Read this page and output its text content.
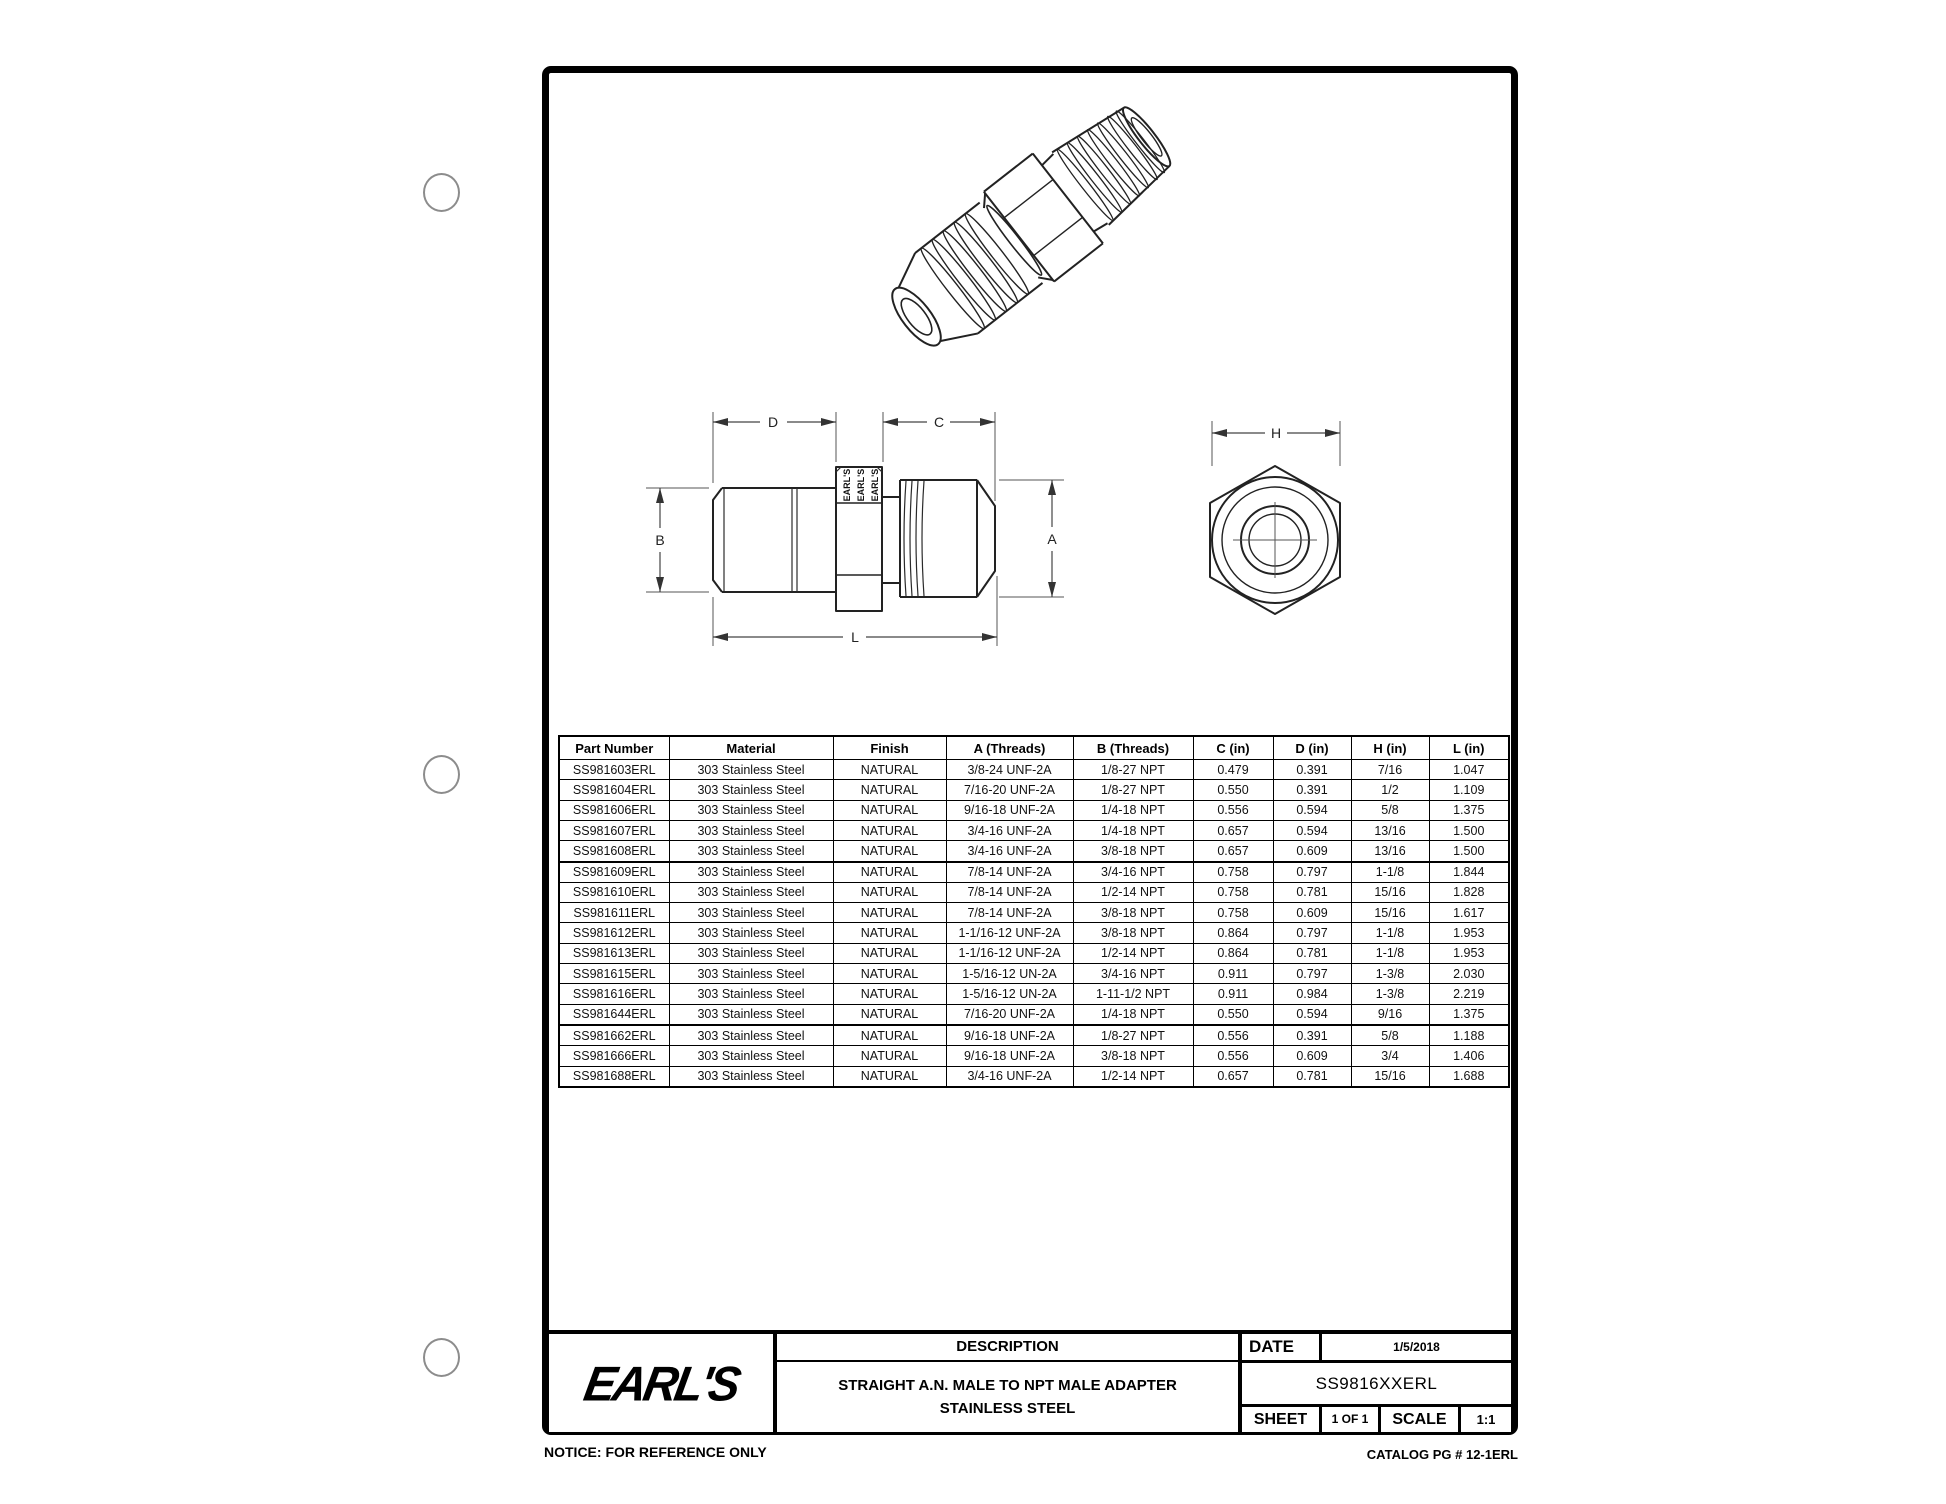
D	C
L
B	A
EARL'S EARL'S EARL'S
H
Part Number	Material	Finish	A (Threads)	B (Threads)	C (in)	D (in)	H (in)	L (in)
SS981603ERL	303 Stainless Steel	NATURAL	3/8-24 UNF-2A	1/8-27 NPT	0.479	0.391	7/16	1.047
SS981604ERL	303 Stainless Steel	NATURAL	7/16-20 UNF-2A	1/8-27 NPT	0.550	0.391	1/2	1.109
SS981606ERL	303 Stainless Steel	NATURAL	9/16-18 UNF-2A	1/4-18 NPT	0.556	0.594	5/8	1.375
SS981607ERL	303 Stainless Steel	NATURAL	3/4-16 UNF-2A	1/4-18 NPT	0.657	0.594	13/16	1.500
SS981608ERL	303 Stainless Steel	NATURAL	3/4-16 UNF-2A	3/8-18 NPT	0.657	0.609	13/16	1.500
SS981609ERL	303 Stainless Steel	NATURAL	7/8-14 UNF-2A	3/4-16 NPT	0.758	0.797	1-1/8	1.844
SS981610ERL	303 Stainless Steel	NATURAL	7/8-14 UNF-2A	1/2-14 NPT	0.758	0.781	15/16	1.828
SS981611ERL	303 Stainless Steel	NATURAL	7/8-14 UNF-2A	3/8-18 NPT	0.758	0.609	15/16	1.617
SS981612ERL	303 Stainless Steel	NATURAL	1-1/16-12 UNF-2A	3/8-18 NPT	0.864	0.797	1-1/8	1.953
SS981613ERL	303 Stainless Steel	NATURAL	1-1/16-12 UNF-2A	1/2-14 NPT	0.864	0.781	1-1/8	1.953
SS981615ERL	303 Stainless Steel	NATURAL	1-5/16-12 UN-2A	3/4-16 NPT	0.911	0.797	1-3/8	2.030
SS981616ERL	303 Stainless Steel	NATURAL	1-5/16-12 UN-2A	1-11-1/2 NPT	0.911	0.984	1-3/8	2.219
SS981644ERL	303 Stainless Steel	NATURAL	7/16-20 UNF-2A	1/4-18 NPT	0.550	0.594	9/16	1.375
SS981662ERL	303 Stainless Steel	NATURAL	9/16-18 UNF-2A	1/8-27 NPT	0.556	0.391	5/8	1.188
SS981666ERL	303 Stainless Steel	NATURAL	9/16-18 UNF-2A	3/8-18 NPT	0.556	0.609	3/4	1.406
SS981688ERL	303 Stainless Steel	NATURAL	3/4-16 UNF-2A	1/2-14 NPT	0.657	0.781	15/16	1.688
EARL'S
DESCRIPTION
STRAIGHT A.N. MALE TO NPT MALE ADAPTER
STAINLESS STEEL
DATE	1/5/2018
SS9816XXERL
SHEET	1 OF 1	SCALE	1:1
NOTICE: FOR REFERENCE ONLY	CATALOG PG # 12-1ERL
